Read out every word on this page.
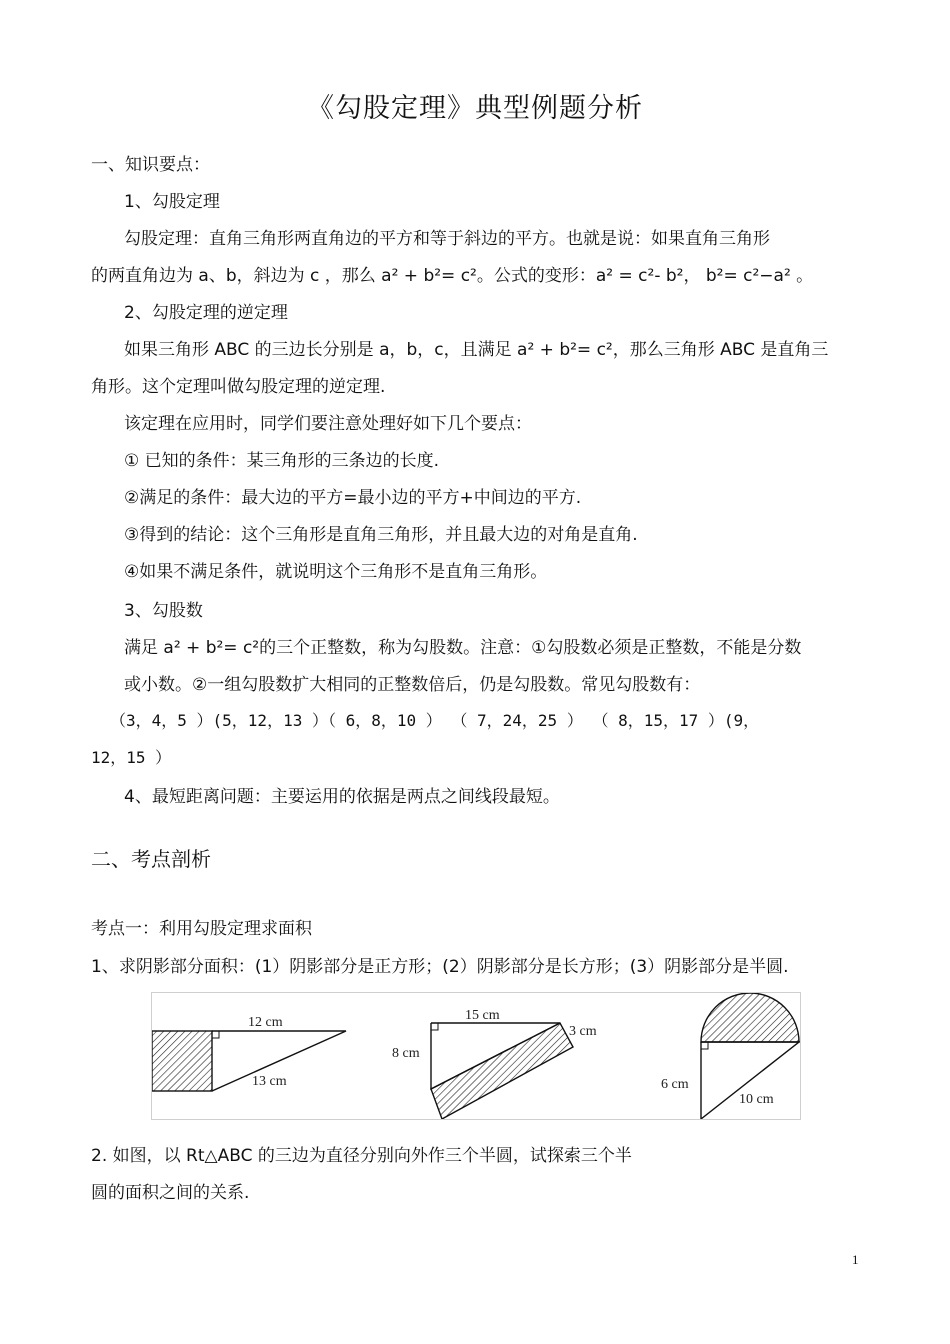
《勾股定理》典型例题分析
一、知识要点：
1、勾股定理
勾股定理：直角三角形两直角边的平方和等于斜边的平方。也就是说：如果直角三角形
的两直角边为 a、b，斜边为 c ，那么 a² + b²= c²。公式的变形：a² = c²- b²， b²= c²−a² 。
2、勾股定理的逆定理
如果三角形 ABC 的三边长分别是 a，b，c，且满足 a² + b²= c²，那么三角形 ABC 是直角三
角形。这个定理叫做勾股定理的逆定理.
该定理在应用时，同学们要注意处理好如下几个要点：
① 已知的条件：某三角形的三条边的长度.
②满足的条件：最大边的平方=最小边的平方+中间边的平方.
③得到的结论：这个三角形是直角三角形，并且最大边的对角是直角.
④如果不满足条件，就说明这个三角形不是直角三角形。
3、勾股数
满足 a² + b²= c²的三个正整数，称为勾股数。注意：①勾股数必须是正整数，不能是分数
或小数。②一组勾股数扩大相同的正整数倍后，仍是勾股数。常见勾股数有：
（3，4，5 ）(5，12，13 ）（ 6，8，10 ） （ 7，24，25 ） （ 8，15，17 ）(9，
12，15 ）
4、最短距离问题：主要运用的依据是两点之间线段最短。
二、考点剖析
考点一：利用勾股定理求面积
1、求阴影部分面积：(1）阴影部分是正方形；(2）阴影部分是长方形；(3）阴影部分是半圆.
12 cm
13 cm
15 cm
8 cm
3 cm
6 cm
10 cm
2. 如图，以 Rt△ABC 的三边为直径分别向外作三个半圆，试探索三个半
圆的面积之间的关系.
1
